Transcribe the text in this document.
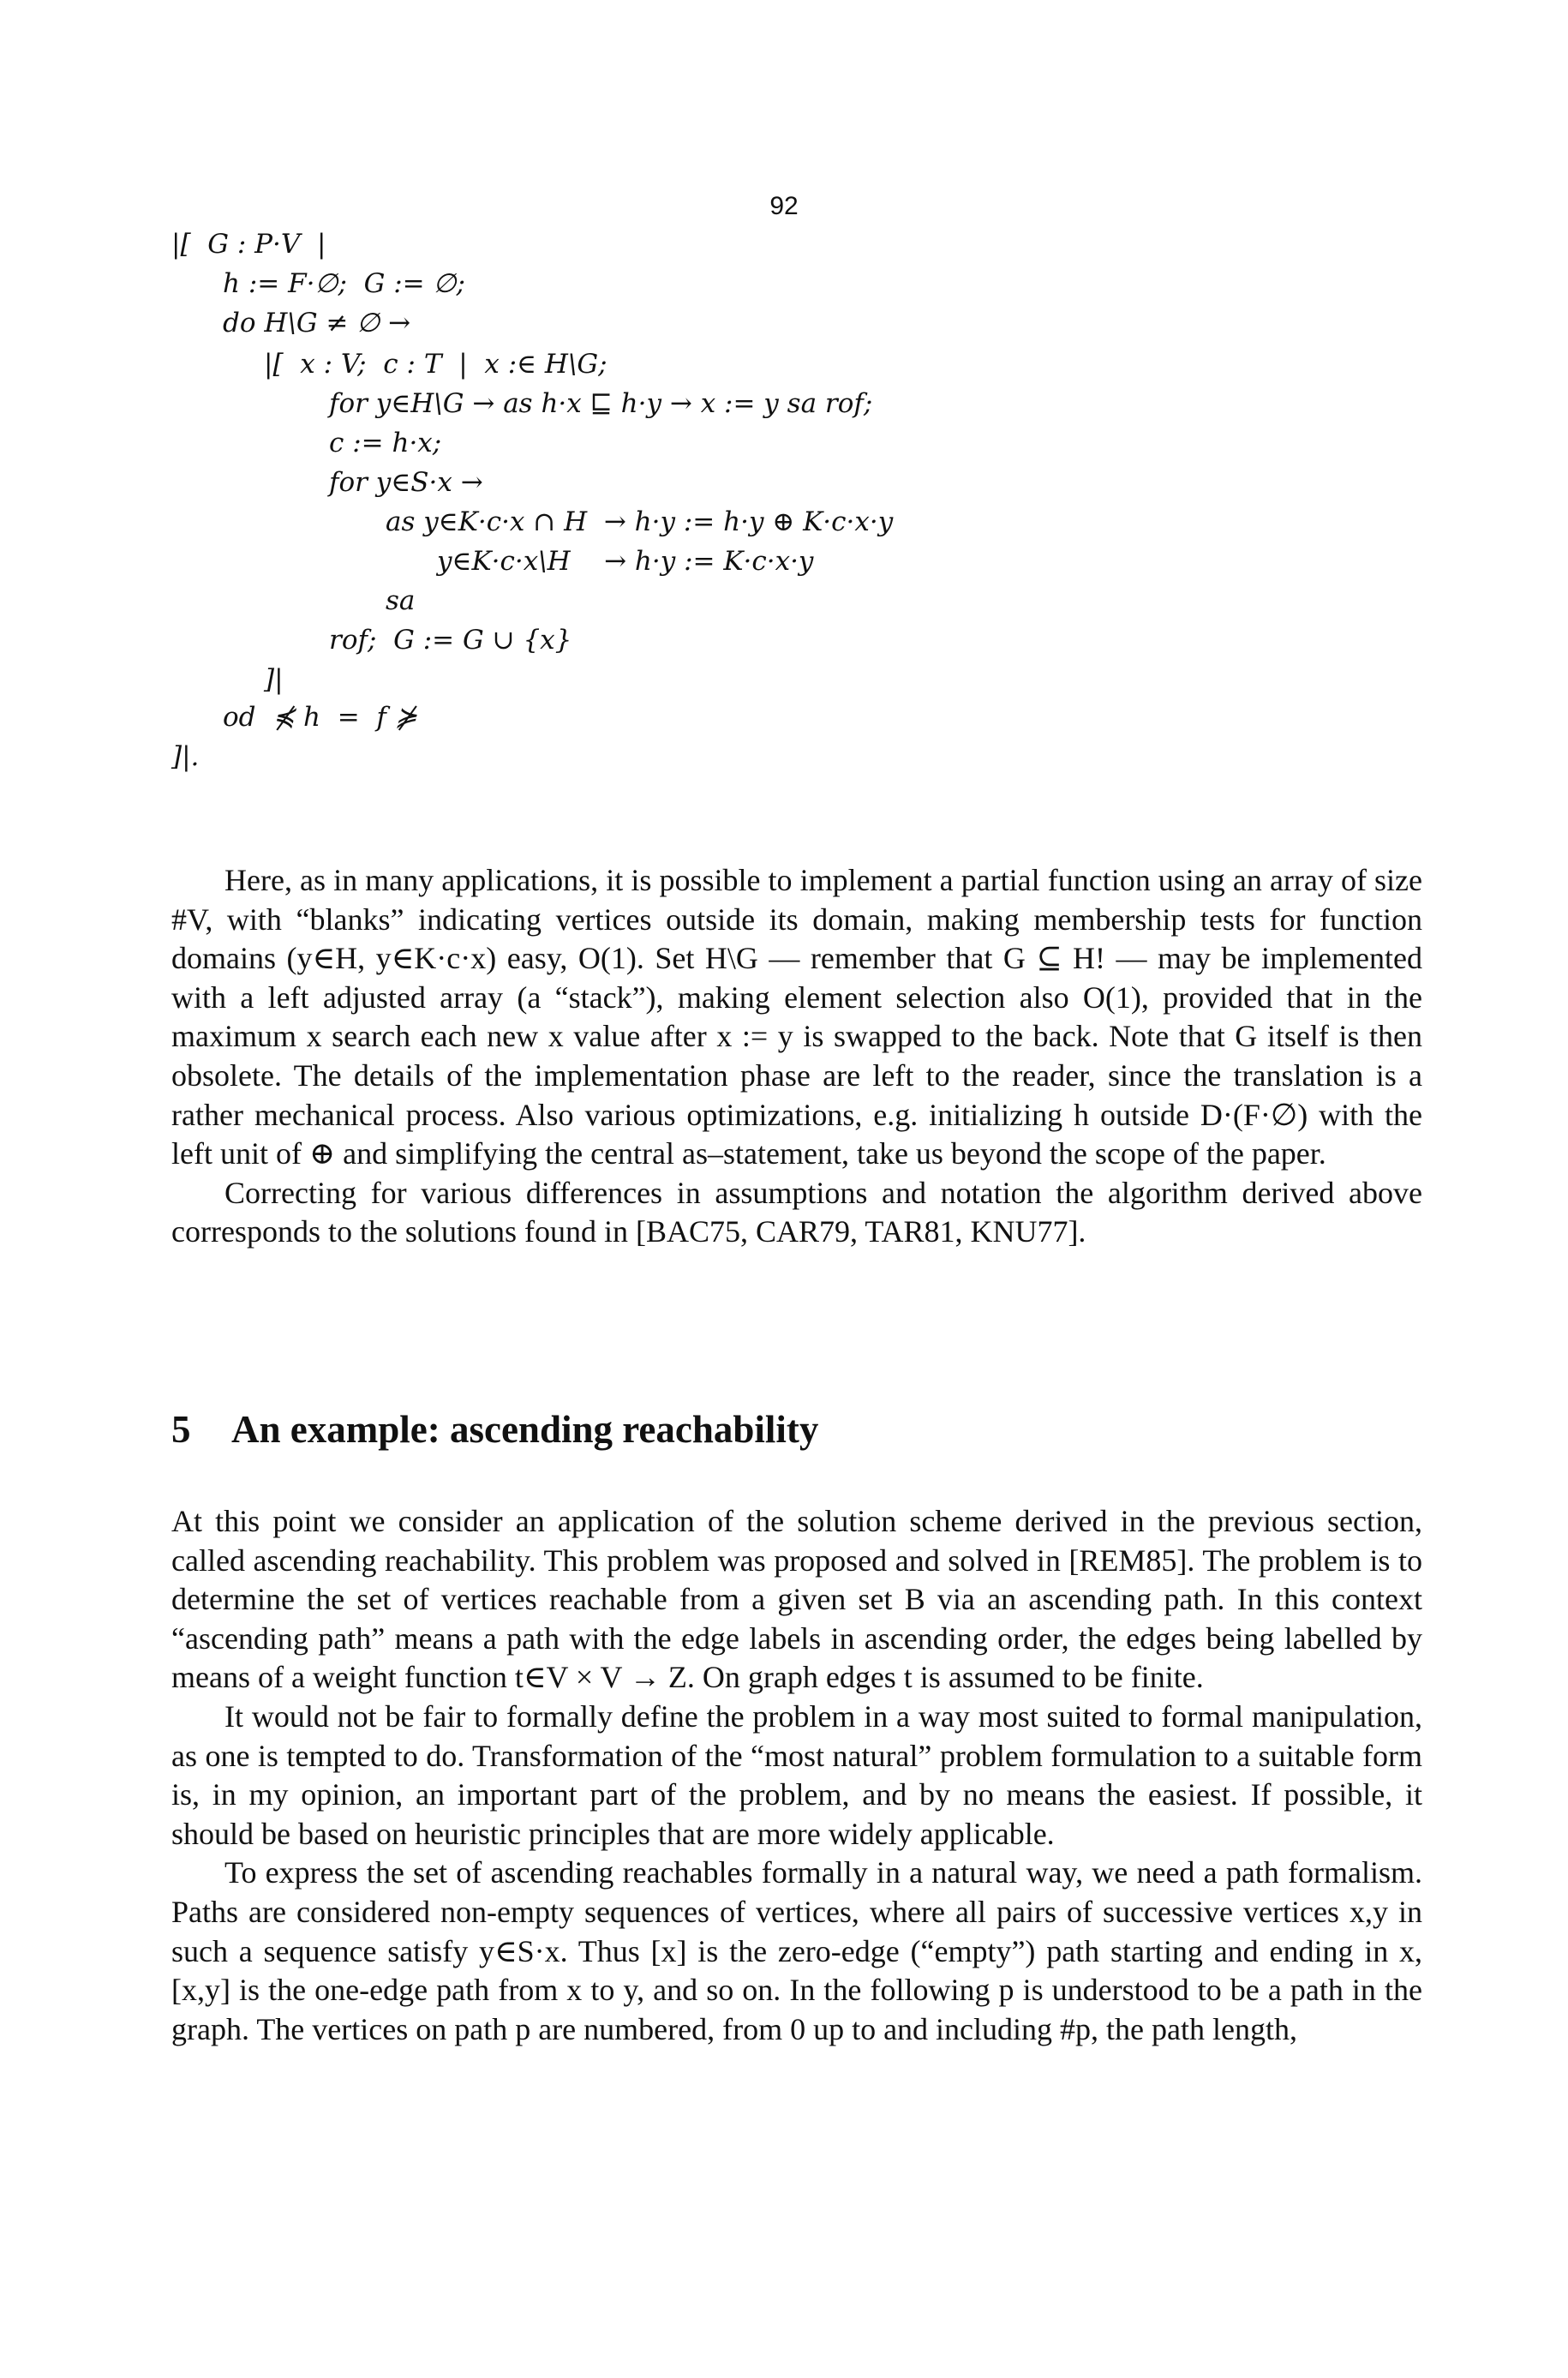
92
|[  G : P·V  |
h := F·∅;  G := ∅;
do H\G ≠ ∅ →
|[  x : V;  c : T  |  x :∈ H\G;
for y∈H\G → as h·x ⊑ h·y → x := y sa rof;
c := h·x;
for y∈S·x →
as y∈K·c·x ∩ H  → h·y := h·y ⊕ K·c·x·y
y∈K·c·x\H    → h·y := K·c·x·y
sa
rof;  G := G ∪ {x}
]|
od  ⋠ h  =  f ⋡
]|.

Here, as in many applications, it is possible to implement a partial function using an array of size #V, with “blanks” indicating vertices outside its domain, making membership tests for function domains (y∈H, y∈K·c·x) easy, O(1). Set H\G — remember that G ⊆ H! — may be implemented with a left adjusted array (a “stack”), making element selection also O(1), provided that in the maximum x search each new x value after x := y is swapped to the back. Note that G itself is then obsolete. The details of the implementation phase are left to the reader, since the translation is a rather mechanical process. Also various optimizations, e.g. initializing h outside D·(F·∅) with the left unit of ⊕ and simplifying the central as–statement, take us beyond the scope of the paper.

Correcting for various differences in assumptions and notation the algorithm derived above corresponds to the solutions found in [BAC75, CAR79, TAR81, KNU77].

5 An example: ascending reachability

At this point we consider an application of the solution scheme derived in the previous section, called ascending reachability. This problem was proposed and solved in [REM85]. The problem is to determine the set of vertices reachable from a given set B via an ascending path. In this context “ascending path” means a path with the edge labels in ascending order, the edges being labelled by means of a weight function t∈V × V → Z. On graph edges t is assumed to be finite.

It would not be fair to formally define the problem in a way most suited to formal manipulation, as one is tempted to do. Transformation of the “most natural” problem formulation to a suitable form is, in my opinion, an important part of the problem, and by no means the easiest. If possible, it should be based on heuristic principles that are more widely applicable.

To express the set of ascending reachables formally in a natural way, we need a path formalism. Paths are considered non-empty sequences of vertices, where all pairs of successive vertices x,y in such a sequence satisfy y∈S·x. Thus [x] is the zero-edge (“empty”) path starting and ending in x, [x,y] is the one-edge path from x to y, and so on. In the following p is understood to be a path in the graph. The vertices on path p are numbered, from 0 up to and including #p, the path length,
